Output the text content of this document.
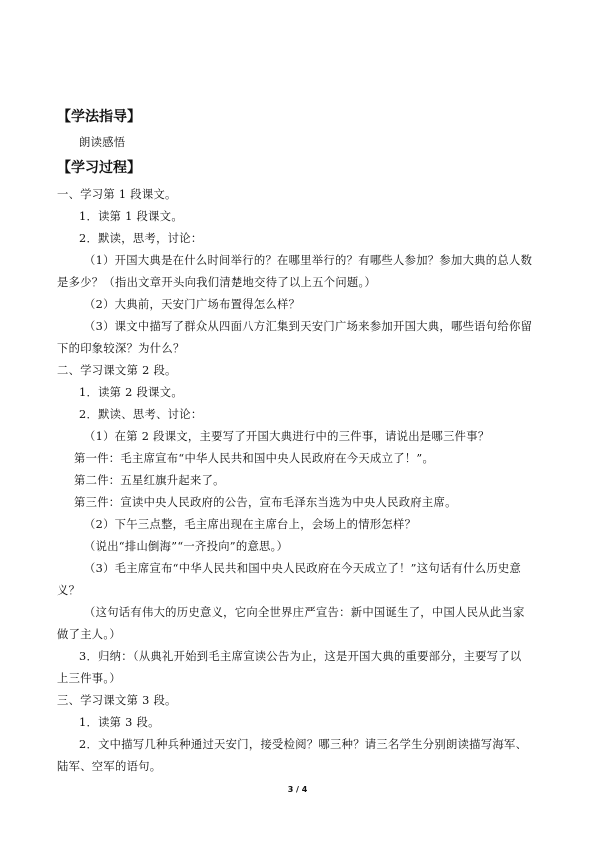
【学法指导】
朗读感悟
【学习过程】
一、学习第 1 段课文。
1．读第 1 段课文。
2．默读，思考，讨论：
（1）开国大典是在什么时间举行的？在哪里举行的？有哪些人参加？参加大典的总人数
是多少？（指出文章开头向我们清楚地交待了以上五个问题。）
（2）大典前，天安门广场布置得怎么样？
（3）课文中描写了群众从四面八方汇集到天安门广场来参加开国大典，哪些语句给你留
下的印象较深？为什么？
二、学习课文第 2 段。
1．读第 2 段课文。
2．默读、思考、讨论：
（1）在第 2 段课文，主要写了开国大典进行中的三件事，请说出是哪三件事？
第一件：毛主席宣布“中华人民共和国中央人民政府在今天成立了！”。
第二件：五星红旗升起来了。
第三件：宣读中央人民政府的公告，宣布毛泽东当选为中央人民政府主席。
（2）下午三点整，毛主席出现在主席台上，会场上的情形怎样？
（说出“排山倒海”“一齐投向”的意思。）
（3）毛主席宣布“中华人民共和国中央人民政府在今天成立了！”这句话有什么历史意
义？
（这句话有伟大的历史意义，它向全世界庄严宣告：新中国诞生了，中国人民从此当家
做了主人。）
3．归纳：（从典礼开始到毛主席宣读公告为止，这是开国大典的重要部分，主要写了以
上三件事。）
三、学习课文第 3 段。
1．读第 3 段。
2．文中描写几种兵种通过天安门，接受检阅？哪三种？请三名学生分别朗读描写海军、
陆军、空军的语句。
3 / 4
